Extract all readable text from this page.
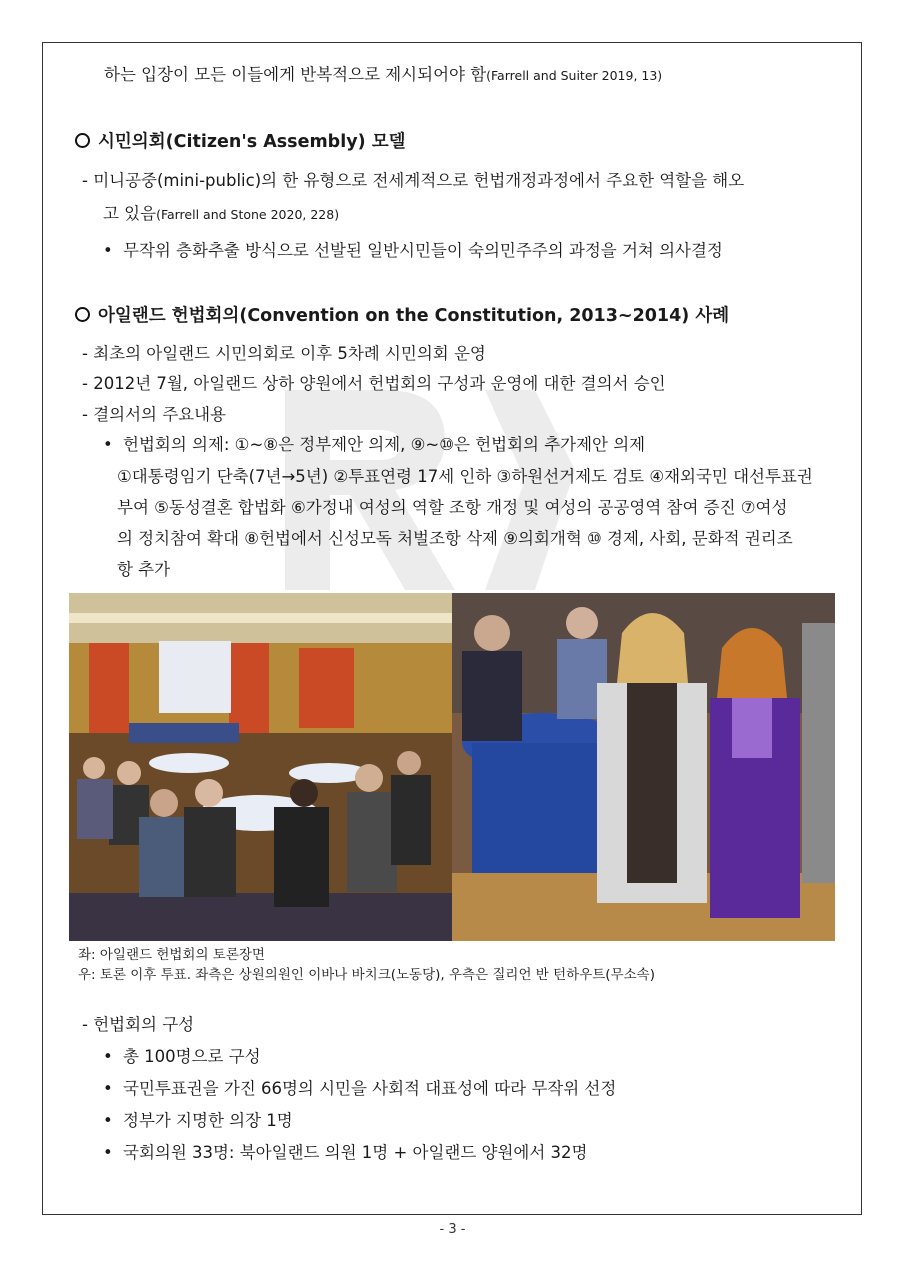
하는 입장이 모든 이들에게 반복적으로 제시되어야 함(Farrell and Suiter 2019, 13)
시민의회(Citizen's Assembly) 모델
- 미니공중(mini-public)의 한 유형으로 전세계적으로 헌법개정과정에서 주요한 역할을 해오
고 있음(Farrell and Stone 2020, 228)
• 무작위 층화추출 방식으로 선발된 일반시민들이 숙의민주주의 과정을 거쳐 의사결정
아일랜드 헌법회의(Convention on the Constitution, 2013~2014) 사례
- 최초의 아일랜드 시민의회로 이후 5차례 시민의회 운영
- 2012년 7월, 아일랜드 상하 양원에서 헌법회의 구성과 운영에 대한 결의서 승인
- 결의서의 주요내용
• 헌법회의 의제: ①~⑧은 정부제안 의제, ⑨~⑩은 헌법회의 추가제안 의제
①대통령임기 단축(7년→5년) ②투표연령 17세 인하 ③하원선거제도 검토 ④재외국민 대선투표권
부여 ⑤동성결혼 합법화 ⑥가정내 여성의 역할 조항 개정 및 여성의 공공영역 참여 증진 ⑦여성
의 정치참여 확대 ⑧헌법에서 신성모독 처벌조항 삭제 ⑨의회개혁 ⑩ 경제, 사회, 문화적 권리조
항 추가
좌: 아일랜드 헌법회의 토론장면
우: 토론 이후 투표. 좌측은 상원의원인 이바나 바치크(노동당), 우측은 질리언 반 턴하우트(무소속)
- 헌법회의 구성
• 총 100명으로 구성
• 국민투표권을 가진 66명의 시민을 사회적 대표성에 따라 무작위 선정
• 정부가 지명한 의장 1명
• 국회의원 33명: 북아일랜드 의원 1명 + 아일랜드 양원에서 32명
- 3 -
